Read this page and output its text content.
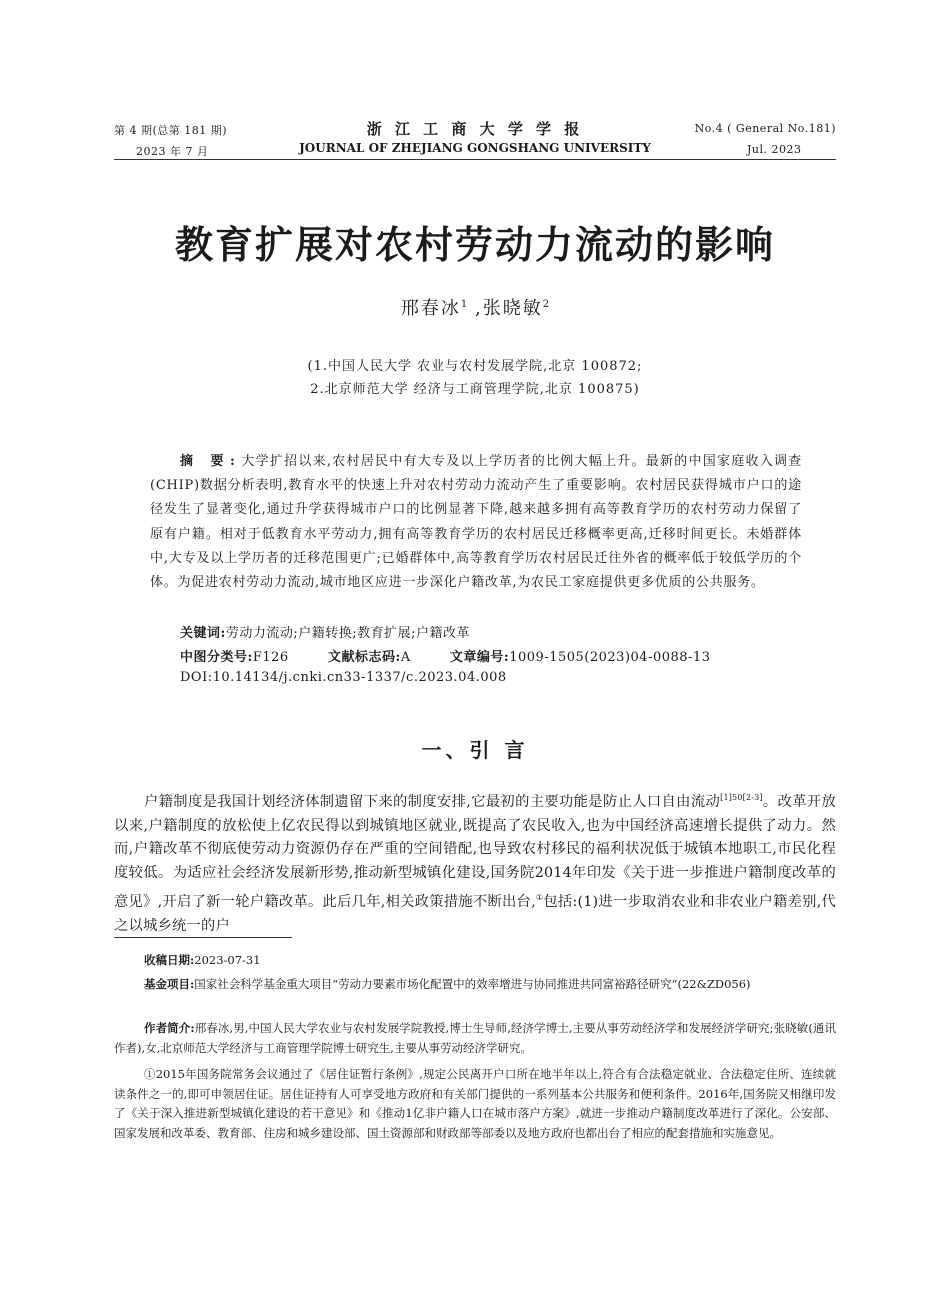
第 4 期(总第 181 期)
2023 年 7 月
浙 江 工 商 大 学 学 报
JOURNAL OF ZHEJIANG GONGSHANG UNIVERSITY
No.4 ( General No.181)
Jul. 2023
教育扩展对农村劳动力流动的影响
邢春冰$^1$ ,张晓敏$^2$
(1.中国人民大学 农业与农村发展学院,北京 100872;
2.北京师范大学 经济与工商管理学院,北京 100875)
摘 要:大学扩招以来,农村居民中有大专及以上学历者的比例大幅上升。最新的中国家庭收入调查(CHIP)数据分析表明,教育水平的快速上升对农村劳动力流动产生了重要影响。农村居民获得城市户口的途径发生了显著变化,通过升学获得城市户口的比例显著下降,越来越多拥有高等教育学历的农村劳动力保留了原有户籍。相对于低教育水平劳动力,拥有高等教育学历的农村居民迁移概率更高,迁移时间更长。未婚群体中,大专及以上学历者的迁移范围更广;已婚群体中,高等教育学历农村居民迁往外省的概率低于较低学历的个体。为促进农村劳动力流动,城市地区应进一步深化户籍改革,为农民工家庭提供更多优质的公共服务。
关键词:劳动力流动;户籍转换;教育扩展;户籍改革
中图分类号:F126	文献标志码:A	文章编号:1009-1505(2023)04-0088-13
DOI:10.14134/j.cnki.cn33-1337/c.2023.04.008
一、引 言
户籍制度是我国计划经济体制遗留下来的制度安排,它最初的主要功能是防止人口自由流动[1]50[2-3]。改革开放以来,户籍制度的放松使上亿农民得以到城镇地区就业,既提高了农民收入,也为中国经济高速增长提供了动力。然而,户籍改革不彻底使劳动力资源仍存在严重的空间错配,也导致农村移民的福利状况低于城镇本地职工,市民化程度较低。为适应社会经济发展新形势,推动新型城镇化建设,国务院2014年印发《关于进一步推进户籍制度改革的意见》,开启了新一轮户籍改革。此后几年,相关政策措施不断出台,①包括:(1)进一步取消农业和非农业户籍差别,代之以城乡统一的户
收稿日期:2023-07-31
基金项目:国家社会科学基金重大项目“劳动力要素市场化配置中的效率增进与协同推进共同富裕路径研究”(22&ZD056)
作者简介:邢春冰,男,中国人民大学农业与农村发展学院教授,博士生导师,经济学博士,主要从事劳动经济学和发展经济学研究;张晓敏(通讯作者),女,北京师范大学经济与工商管理学院博士研究生,主要从事劳动经济学研究。
①2015年国务院常务会议通过了《居住证暂行条例》,规定公民离开户口所在地半年以上,符合有合法稳定就业、合法稳定住所、连续就读条件之一的,即可申领居住证。居住证持有人可享受地方政府和有关部门提供的一系列基本公共服务和便利条件。2016年,国务院又相继印发了《关于深入推进新型城镇化建设的若干意见》和《推动1亿非户籍人口在城市落户方案》,就进一步推动户籍制度改革进行了深化。公安部、国家发展和改革委、教育部、住房和城乡建设部、国土资源部和财政部等部委以及地方政府也都出台了相应的配套措施和实施意见。
